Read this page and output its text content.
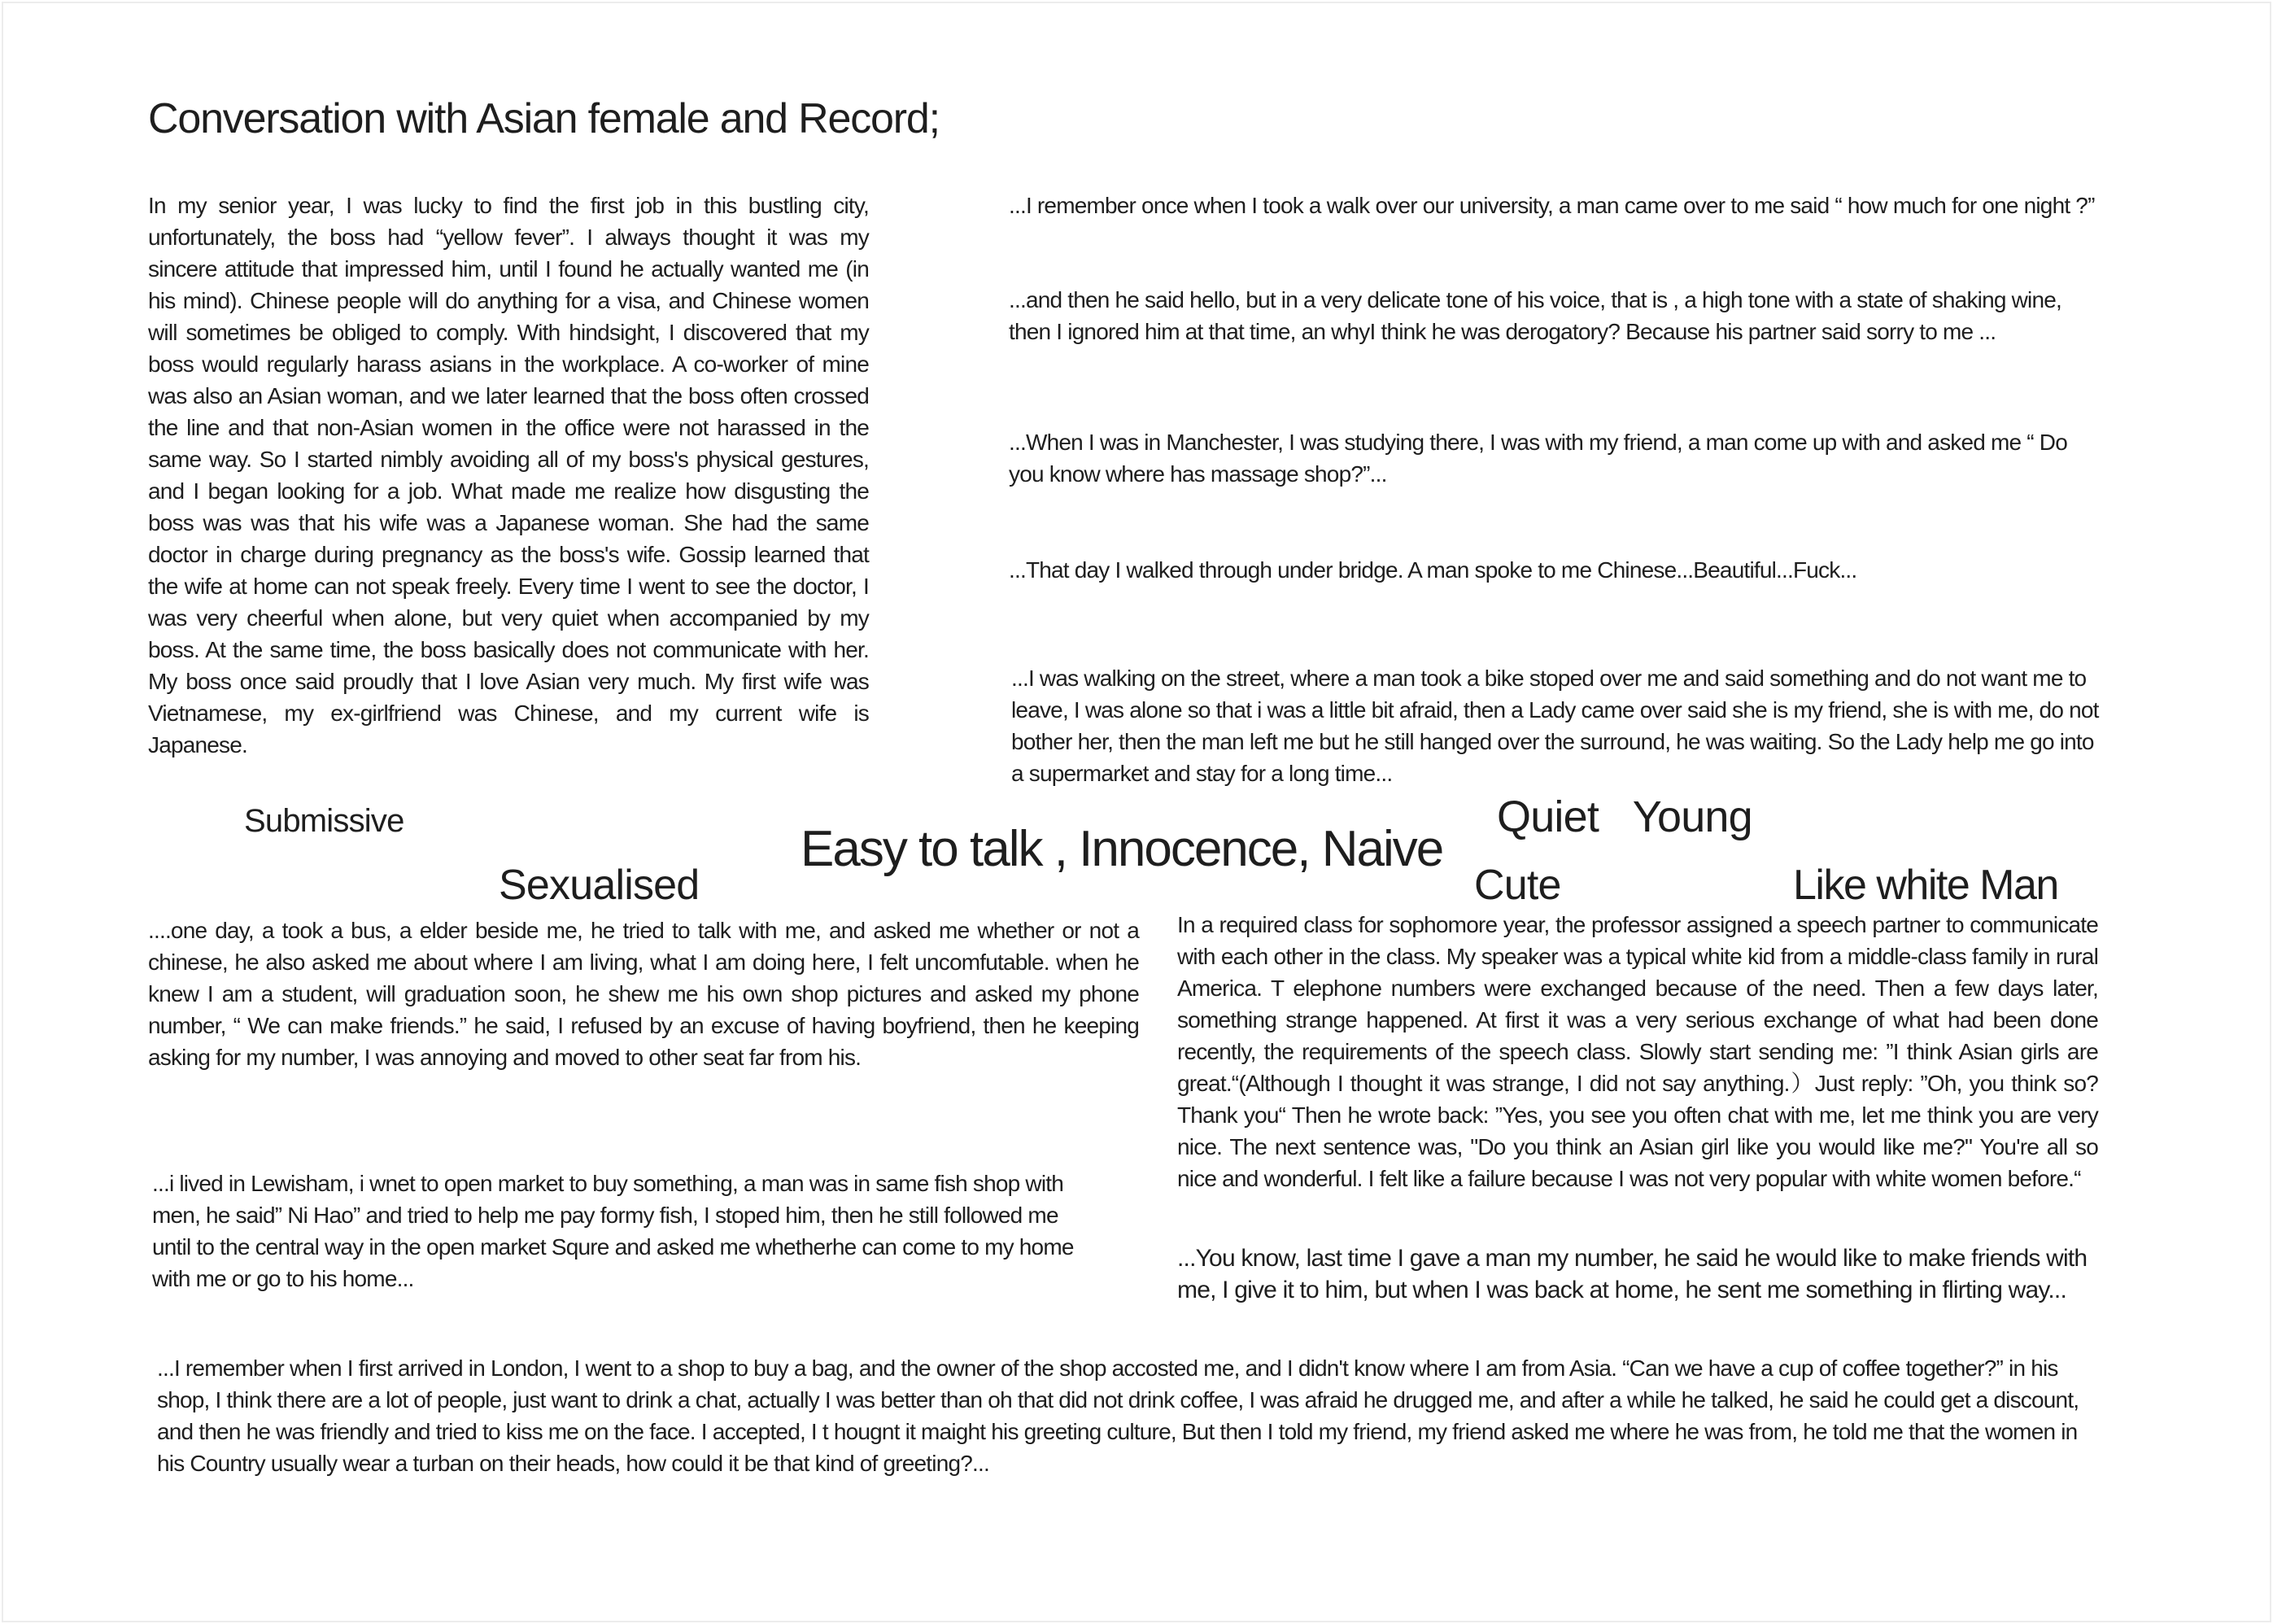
Conversation with Asian female and Record;

In my senior year, I was lucky to find the first job in this bustling city, unfortunately, the boss had “yellow fever”. I always thought it was my sincere attitude that impressed him, until I found he actually wanted me (in his mind). Chinese people will do anything for a visa, and Chinese women will sometimes be obliged to comply. With hindsight, I discovered that my boss would regularly harass asians in the workplace. A co-worker of mine was also an Asian woman, and we later learned that the boss often crossed the line and that non-Asian women in the office were not harassed in the same way. So I started nimbly avoiding all of my boss's physical gestures, and I began looking for a job. What made me realize how disgusting the boss was was that his wife was a Japanese woman. She had the same doctor in charge during pregnancy as the boss's wife. Gossip learned that the wife at home can not speak freely. Every time I went to see the doctor, I was very cheerful when alone, but very quiet when accompanied by my boss. At the same time, the boss basically does not communicate with her. My boss once said proudly that I love Asian very much. My first wife was Vietnamese, my ex-girlfriend was Chinese, and my current wife is Japanese.

...I remember once when I took a walk over our university, a man came over to me said “ how much for one night ?”

...and then he said hello, but in a very delicate tone of his voice, that is , a high tone with a state of shaking wine, then I ignored him at that time, an whyI think he was derogatory? Because his partner said sorry to me ...

...When I was in Manchester, I was studying there, I was with my friend, a man come up with and asked me “ Do you know where has massage shop?”...

...That day I walked through under bridge. A man spoke to me Chinese...Beautiful...Fuck...

...I was walking on the street, where a man took a bike stoped over me and said something and do not want me to leave, I was alone so that i was a little bit afraid, then a Lady came over said she is my friend, she is with me, do not bother her, then the man left me but he still hanged over the surround, he was waiting. So the Lady help me go into a supermarket and stay for a long time...

Submissive
Sexualised
Easy to talk , Innocence, Naive
Quiet   Young
Cute	Like white Man

....one day, a took a bus, a elder beside me, he tried to talk with me, and asked me whether or not a chinese, he also asked me about where I am living, what I am doing here, I felt uncomfutable. when he knew I am a student, will graduation soon, he shew me his own shop pictures and asked my phone number, “ We can make friends.” he said, I refused by an excuse of having boyfriend, then he keeping asking for my number, I was annoying and moved to other seat far from his.

...i lived in Lewisham, i wnet to open market to buy something, a man was in same fish shop with men, he said” Ni Hao” and tried to help me pay formy fish, I stoped him, then he still followed me until to the central way in the open market Squre and asked me whetherhe can come to my home with me or go to his home...

In a required class for sophomore year, the professor assigned a speech partner to communicate with each other in the class. My speaker was a typical white kid from a middle-class family in rural America. T elephone numbers were exchanged because of the need. Then a few days later, something strange happened. At first it was a very serious exchange of what had been done recently, the requirements of the speech class. Slowly start sending me: ”I think Asian girls are great.“(Although I thought it was strange, I did not say anything.）Just reply: ”Oh, you think so? Thank you“ Then he wrote back: ”Yes, you see you often chat with me, let me think you are very nice. The next sentence was, "Do you think an Asian girl like you would like me?" You're all so nice and wonderful. I felt like a failure because I was not very popular with white women before.“

...You know, last time I gave a man my number, he said he would like to make friends with me, I give it to him, but when I was back at home, he sent me something in flirting way...

...I remember when I first arrived in London, I went to a shop to buy a bag, and the owner of the shop accosted me, and I didn't know where I am from Asia. “Can we have a cup of coffee together?” in his shop, I think there are a lot of people, just want to drink a chat, actually I was better than oh that did not drink coffee, I was afraid he drugged me, and after a while he talked, he said he could get a discount, and then he was friendly and tried to kiss me on the face. I accepted, I t hougnt it maight his greeting culture, But then I told my friend, my friend asked me where he was from, he told me that the women in his Country usually wear a turban on their heads, how could it be that kind of greeting?...
